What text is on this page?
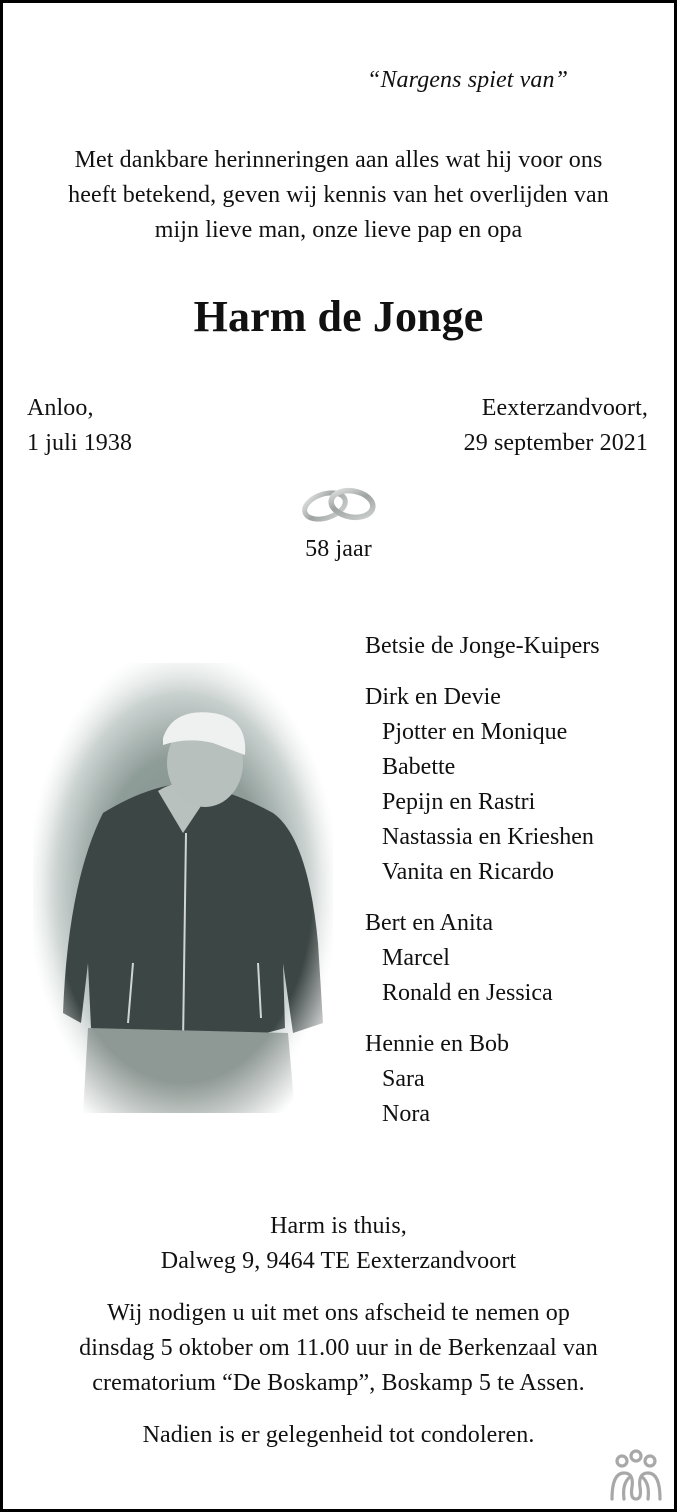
“Nargens spiet van”
Met dankbare herinneringen aan alles wat hij voor ons
heeft betekend, geven wij kennis van het overlijden van
mijn lieve man, onze lieve pap en opa
Harm de Jonge
Anloo,
1 juli 1938
Eexterzandvoort,
29 september 2021
58 jaar
Betsie de Jonge-Kuipers
Dirk en Devie
Pjotter en Monique
Babette
Pepijn en Rastri
Nastassia en Krieshen
Vanita en Ricardo
Bert en Anita
Marcel
Ronald en Jessica
Hennie en Bob
Sara
Nora
Harm is thuis,
Dalweg 9, 9464 TE Eexterzandvoort
Wij nodigen u uit met ons afscheid te nemen op
dinsdag 5 oktober om 11.00 uur in de Berkenzaal van
crematorium “De Boskamp”, Boskamp 5 te Assen.
Nadien is er gelegenheid tot condoleren.
